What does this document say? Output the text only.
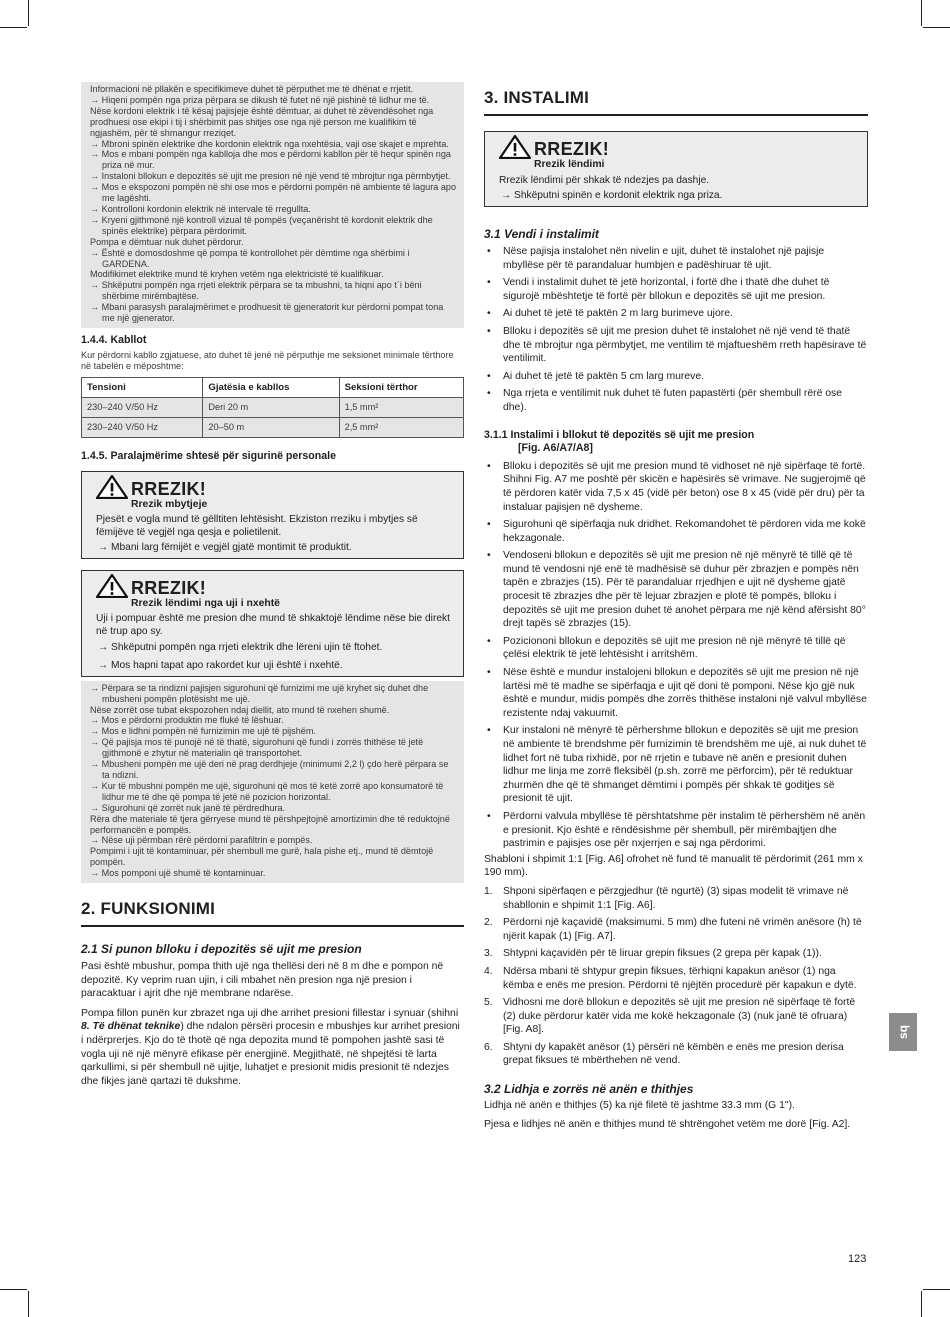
Informacioni në pllakën e specifikimeve duhet të përputhet me të dhënat e rrjetit.

→ Hiqeni pompën nga priza përpara se dikush të futet në një pishinë të lidhur me të.

Nëse kordoni elektrik i të kësaj pajisjeje është dëmtuar, ai duhet të zëvendësohet nga prodhuesi ose ekipi i tij i shërbimit pas shitjes ose nga një person me kualifikim të ngjashëm, për të shmangur rreziqet.

→ Mbroni spinën elektrike dhe kordonin elektrik nga nxehtësia, vaji ose skajet e mprehta.

→ Mos e mbani pompën nga kablloja dhe mos e përdorni kabllon për të hequr spinën nga priza në mur.

→ Instaloni bllokun e depozitës së ujit me presion në një vend të mbrojtur nga përmbytjet.

→ Mos e ekspozoni pompën në shi ose mos e përdorni pompën në ambiente të lagura apo me lagështi.

→ Kontrolloni kordonin elektrik në intervale të rregullta.

→ Kryeni gjithmonë një kontroll vizual të pompës (veçanërisht të kordonit elektrik dhe spinës elektrike) përpara përdorimit.

Pompa e dëmtuar nuk duhet përdorur.

→ Është e domosdoshme që pompa të kontrollohet për dëmtime nga shërbimi i GARDENA.

Modifikimet elektrike mund të kryhen vetëm nga elektricistë të kualifikuar.

→ Shkëputni pompën nga rrjeti elektrik përpara se ta mbushni, ta hiqni apo t´i bëni shërbime mirëmbajtëse.

→ Mbani parasysh paralajmërimet e prodhuesit të gjeneratorit kur përdorni pompat tona me një gjenerator.

1.4.4. Kabllot

Kur përdorni kabllo zgjatuese, ato duhet të jenë në përputhje me seksionet minimale tërthore në tabelën e mëposhtme:

Tensioni	Gjatësia e kabllos	Seksioni tërthor
230–240 V/50 Hz	Deri 20 m	1,5 mm²
230–240 V/50 Hz	20–50 m	2,5 mm²

1.4.5. Paralajmërime shtesë për sigurinë personale

RREZIK!
Rrezik mbytjeje

Pjesët e vogla mund të gëlltiten lehtësisht. Ekziston rreziku i mbytjes së fëmijëve të vegjël nga qesja e polietilenit.

→ Mbani larg fëmijët e vegjël gjatë montimit të produktit.

RREZIK!
Rrezik lëndimi nga uji i nxehtë

Uji i pompuar është me presion dhe mund të shkaktojë lëndime nëse bie direkt në trup apo sy.

→ Shkëputni pompën nga rrjeti elektrik dhe lëreni ujin të ftohet.

→ Mos hapni tapat apo rakordet kur uji është i nxehtë.

→ Përpara se ta rindizni pajisjen sigurohuni që furnizimi me ujë kryhet siç duhet dhe mbusheni pompën plotësisht me ujë.

Nëse zorrët ose tubat ekspozohen ndaj diellit, ato mund të nxehen shumë.

→ Mos e përdorni produktin me fluké të lëshuar.

→ Mos e lidhni pompën në furnizimin me ujë të pijshëm.

→ Që pajisja mos të punojë në të thatë, sigurohuni që fundi i zorrës thithëse të jetë gjithmonë e zhytur në materialin që transportohet.

→ Mbusheni pompën me ujë deri në prag derdhjeje (minimumi 2,2 l) çdo herë përpara se ta ndizni.

→ Kur të mbushni pompën me ujë, sigurohuni që mos të ketë zorrë apo konsumatorë të lidhur me të dhe që pompa të jetë në pozicion horizontal.

→ Sigurohuni që zorrët nuk janë të përdredhura.

Rëra dhe materiale të tjera gërryese mund të përshpejtojnë amortizimin dhe të reduktojnë performancën e pompës.

→ Nëse uji përmban rërë përdorni parafiltrin e pompës.

Pompimi i ujit të kontaminuar, për shembull me gurë, hala pishe etj., mund të dëmtojë pompën.

→ Mos pomponi ujë shumë të kontaminuar.

2. FUNKSIONIMI

2.1 Si punon blloku i depozitës së ujit me presion

Pasi është mbushur, pompa thith ujë nga thellësi deri në 8 m dhe e pompon në depozitë. Ky veprim ruan ujin, i cili mbahet nën presion nga një presion i paracaktuar i ajrit dhe një membrane ndarëse.

Pompa fillon punën kur zbrazet nga uji dhe arrihet presioni fillestar i synuar (shihni 8. Të dhënat teknike) dhe ndalon përsëri procesin e mbushjes kur arrihet presioni i ndërprerjes. Kjo do të thotë që nga depozita mund të pompohen jashtë sasi të vogla uji në një mënyrë efikase për energjinë. Megjithatë, në shpejtësi të larta qarkullimi, si për shembull në ujitje, luhatjet e presionit midis presionit të ndezjes dhe fikjes janë qartazi të dukshme.

3. INSTALIMI

RREZIK!
Rrezik lëndimi

Rrezik lëndimi për shkak të ndezjes pa dashje.

→ Shkëputni spinën e kordonit elektrik nga priza.

3.1 Vendi i instalimit

• Nëse pajisja instalohet nën nivelin e ujit, duhet të instalohet një pajisje mbyllëse për të parandaluar humbjen e padëshiruar të ujit.
• Vendi i instalimit duhet të jetë horizontal, i fortë dhe i thatë dhe duhet të sigurojë mbështetje të fortë për bllokun e depozitës së ujit me presion.
• Ai duhet të jetë të paktën 2 m larg burimeve ujore.
• Blloku i depozitës së ujit me presion duhet të instalohet në një vend të thatë dhe të mbrojtur nga përmbytjet, me ventilim të mjaftueshëm rreth hapësirave të ventilimit.
• Ai duhet të jetë të paktën 5 cm larg mureve.
• Nga rrjeta e ventilimit nuk duhet të futen papastërti (për shembull rërë ose dhe).

3.1.1 Instalimi i bllokut të depozitës së ujit me presion

[Fig. A6/A7/A8]

• Blloku i depozitës së ujit me presion mund të vidhoset në një sipërfaqe të fortë. Shihni Fig. A7 me poshtë për skicën e hapësirës së vrimave. Ne sugjerojmë që të përdoren katër vida 7,5 x 45 (vidë për beton) ose 8 x 45 (vidë për dru) për ta instaluar pajisjen në dysheme.
• Sigurohuni që sipërfaqja nuk dridhet. Rekomandohet të përdoren vida me kokë hekzagonale.
• Vendoseni bllokun e depozitës së ujit me presion në një mënyrë të tillë që të mund të vendosni një enë të madhësisë së duhur për zbrazjen e pompës nën tapën e zbrazjes (15). Për të parandaluar rrjedhjen e ujit në dysheme gjatë procesit të zbrazjes dhe për të lejuar zbrazjen e plotë të pompës, blloku i depozitës së ujit me presion duhet të anohet përpara me një kënd afërsisht 80° drejt tapës së zbrazjes (15).
• Poziciononi bllokun e depozitës së ujit me presion në një mënyrë të tillë që çelësi elektrik të jetë lehtësisht i arritshëm.
• Nëse është e mundur instalojeni bllokun e depozitës së ujit me presion në një lartësi më të madhe se sipërfaqja e ujit që doni të pomponi. Nëse kjo gjë nuk është e mundur, midis pompës dhe zorrës thithëse instaloni një valvul mbyllëse rezistente ndaj vakuumit.
• Kur instaloni në mënyrë të përhershme bllokun e depozitës së ujit me presion në ambiente të brendshme për furnizimin të brendshëm me ujë, ai nuk duhet të lidhet fort në tuba rixhidë, por në rrjetin e tubave në anën e presionit duhen lidhur me linja me zorrë fleksibël (p.sh. zorrë me përforcim), për të reduktuar zhurmën dhe që të shmanget dëmtimi i pompës për shkak të goditjes së presionit të ujit.
• Përdorni valvula mbyllëse të përshtatshme për instalim të përhershëm në anën e presionit. Kjo është e rëndësishme për shembull, për mirëmbajtjen dhe pastrimin e pajisjes ose për nxjerrjen e saj nga përdorimi.

Shabloni i shpimit 1:1 [Fig. A6] ofrohet në fund të manualit të përdorimit (261 mm x 190 mm).

1. Shponi sipërfaqen e përzgjedhur (të ngurtë) (3) sipas modelit të vrimave në shabllonin e shpimit 1:1 [Fig. A6].
2. Përdorni një kaçavidë (maksimumi. 5 mm) dhe futeni në vrimën anësore (h) të njërit kapak (1) [Fig. A7].
3. Shtypni kaçavidën për të liruar grepin fiksues (2 grepa për kapak (1)).
4. Ndërsa mbani të shtypur grepin fiksues, tërhiqni kapakun anësor (1) nga këmba e enës me presion. Përdorni të njëjtën procedurë për kapakun e dytë.
5. Vidhosni me dorë bllokun e depozitës së ujit me presion në sipërfaqe të fortë (2) duke përdorur katër vida me kokë hekzagonale (3) (nuk janë të ofruara) [Fig. A8].
6. Shtyni dy kapakët anësor (1) përsëri në këmbën e enës me presion derisa grepat fiksues të mbërthehen në vend.

3.2 Lidhja e zorrës në anën e thithjes

Lidhja në anën e thithjes (5) ka një filetë të jashtme 33.3 mm (G 1").

Pjesa e lidhjes në anën e thithjes mund të shtrëngohet vetëm me dorë [Fig. A2].

sq
123
